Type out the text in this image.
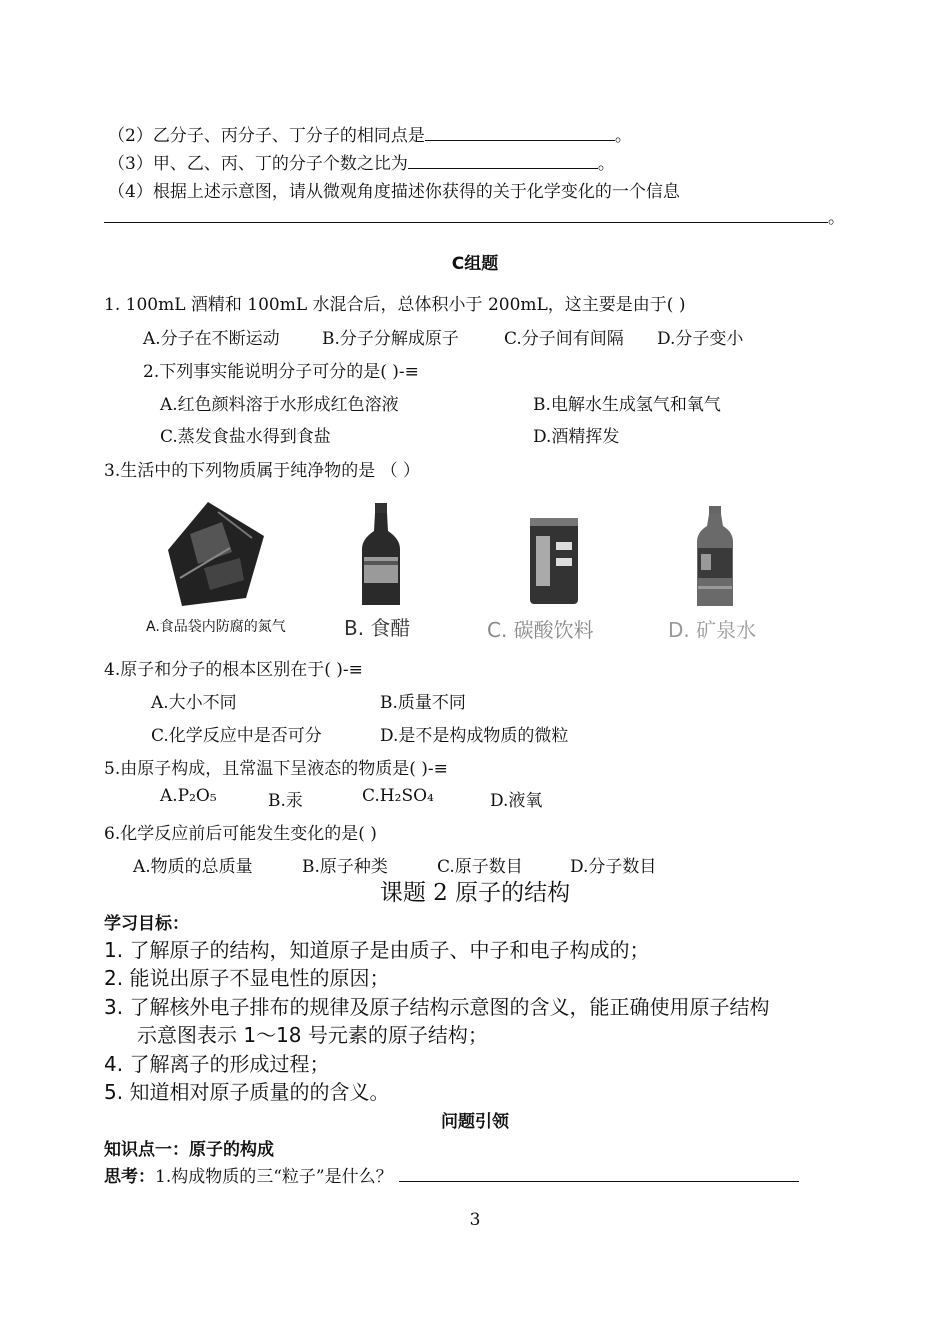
（2）乙分子、丙分子、丁分子的相同点是	。
（3）甲、乙、丙、丁的分子个数之比为	。
（4）根据上述示意图，请从微观角度描述你获得的关于化学变化的一个信息
。
C组题
1. 100mL 酒精和 100mL 水混合后，总体积小于 200mL，这主要是由于( )
A.分子在不断运动 B.分子分解成原子	C.分子间有间隔 D.分子变小
2.下列事实能说明分子可分的是( )-≡
A.红色颜料溶于水形成红色溶液	B.电解水生成氢气和氧气
C.蒸发食盐水得到食盐	D.酒精挥发
3.生活中的下列物质属于纯净物的是 （ ）
A.食品袋内防腐的氮气	B. 食醋	C. 碳酸饮料	D. 矿泉水
4.原子和分子的根本区别在于( )-≡
A.大小不同	B.质量不同
C.化学反应中是否可分	D.是不是构成物质的微粒
5.由原子构成，且常温下呈液态的物质是( )-≡
A.P₂O₅	B.汞	C.H₂SO₄	D.液氧
6.化学反应前后可能发生变化的是( )
A.物质的总质量	B.原子种类	C.原子数目	D.分子数目
课题 2 原子的结构
学习目标：
1. 了解原子的结构，知道原子是由质子、中子和电子构成的；
2. 能说出原子不显电性的原因；
3. 了解核外电子排布的规律及原子结构示意图的含义，能正确使用原子结构
示意图表示 1～18 号元素的原子结构；
4. 了解离子的形成过程；
5. 知道相对原子质量的的含义。
问题引领
知识点一：原子的构成
思考：1.构成物质的三“粒子”是什么？
3
